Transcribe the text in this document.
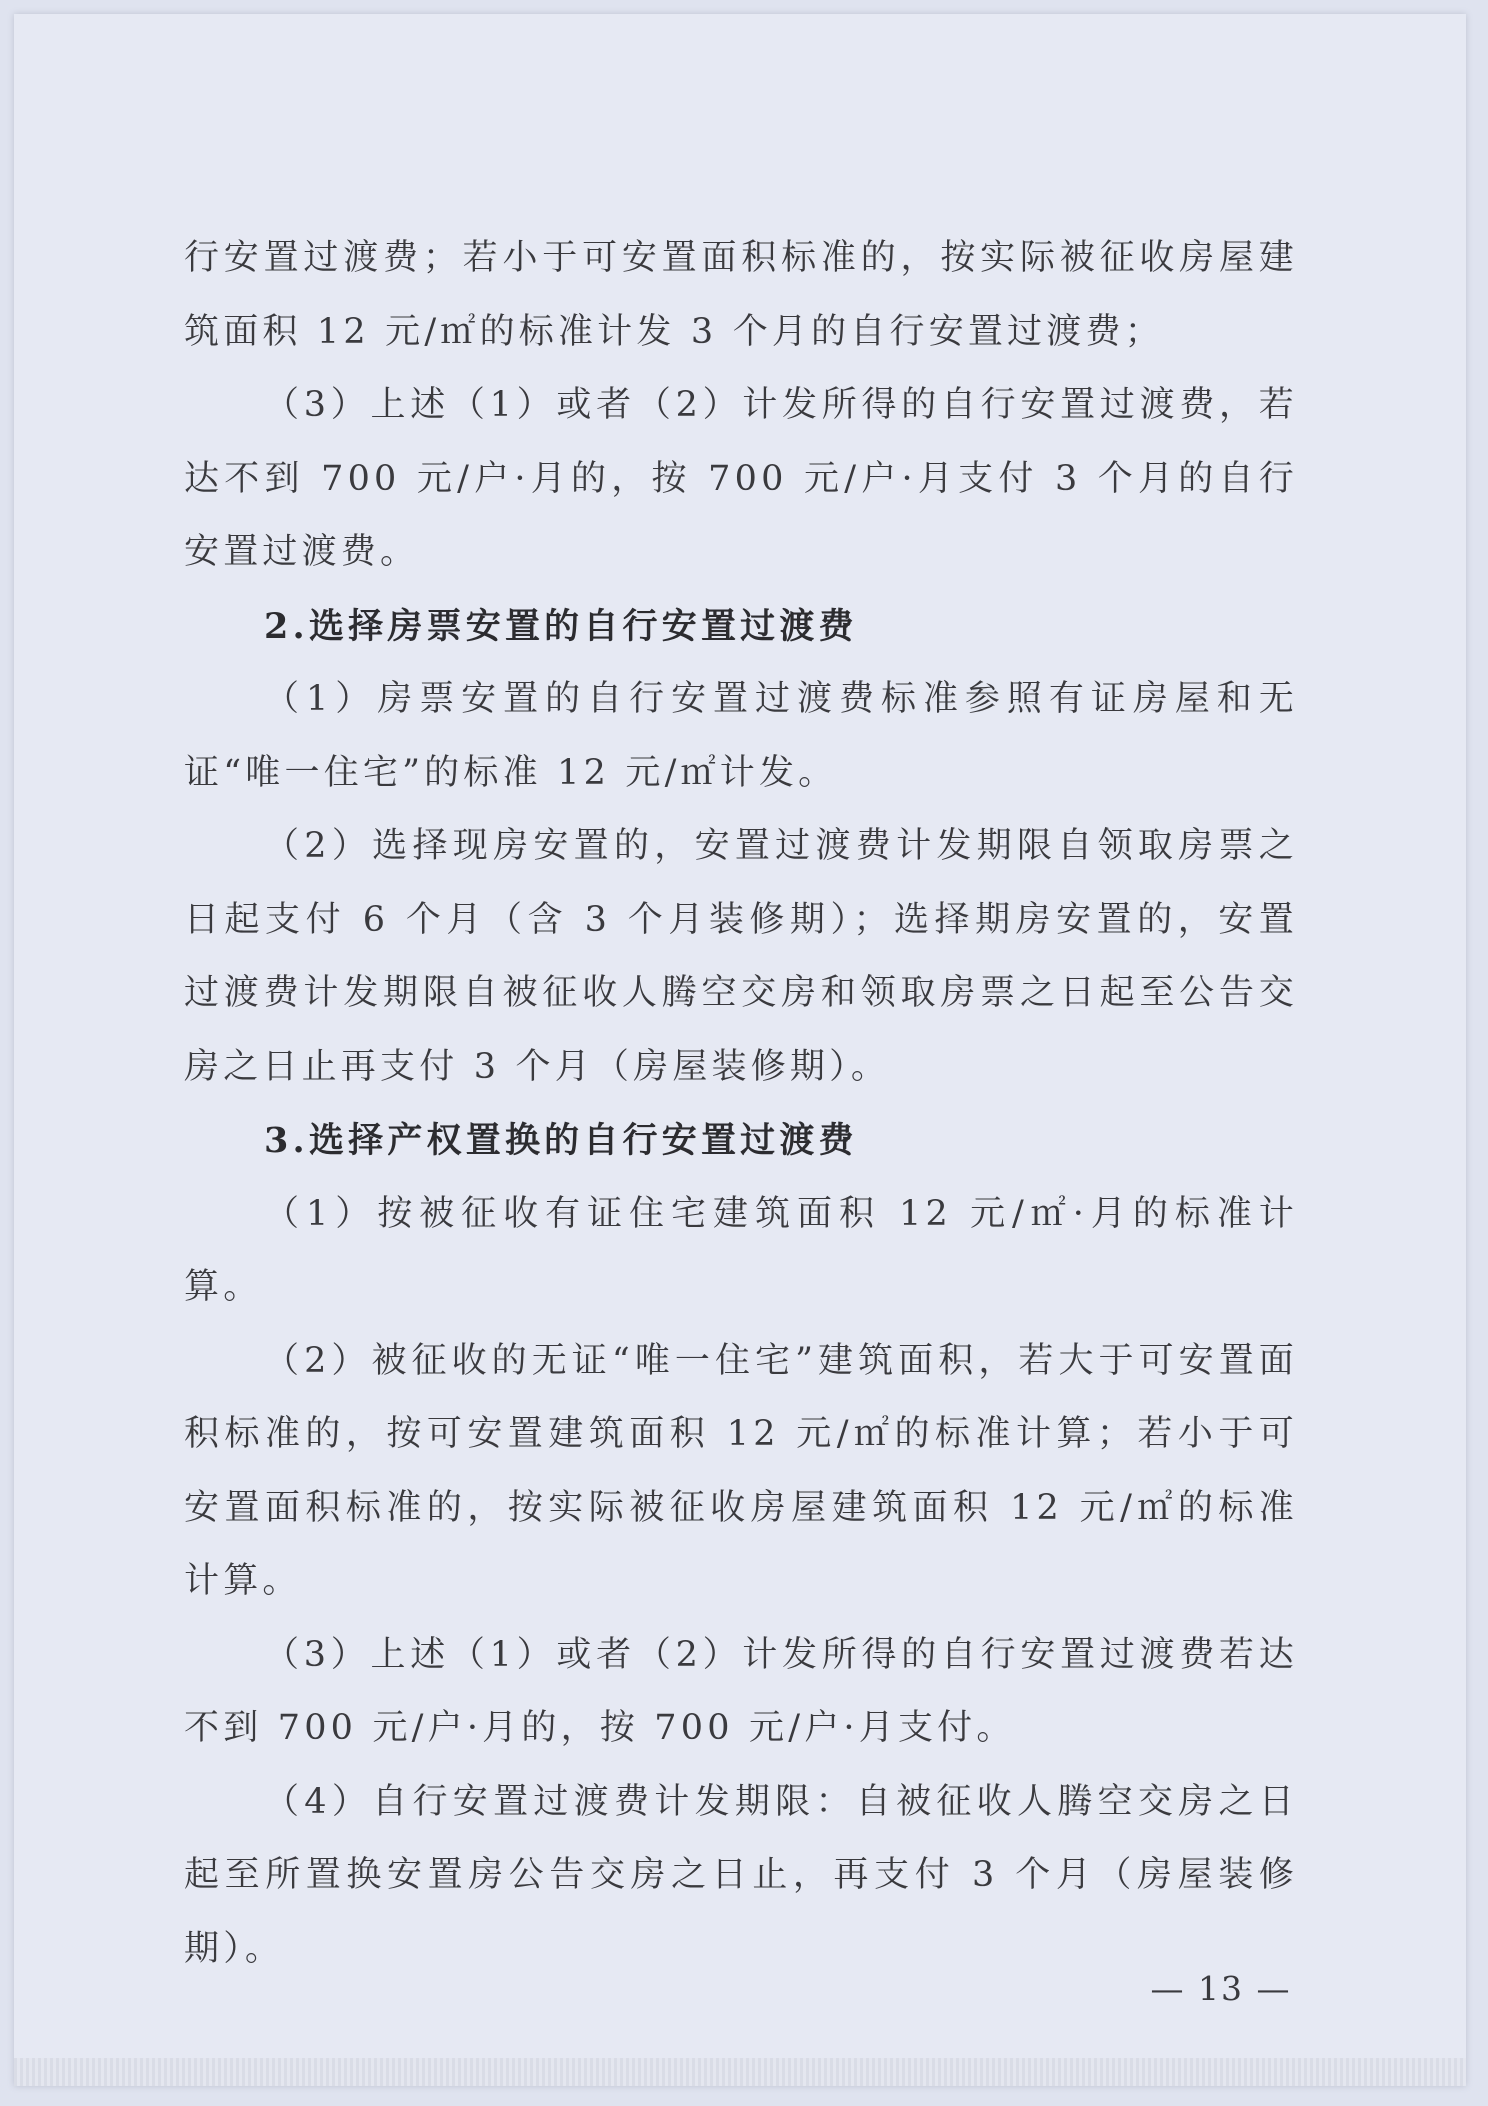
行安置过渡费；若小于可安置面积标准的，按实际被征收房屋建筑面积 12 元/㎡的标准计发 3 个月的自行安置过渡费；

（3）上述（1）或者（2）计发所得的自行安置过渡费，若达不到 700 元/户·月的，按 700 元/户·月支付 3 个月的自行安置过渡费。

2.选择房票安置的自行安置过渡费

（1）房票安置的自行安置过渡费标准参照有证房屋和无证“唯一住宅”的标准 12 元/㎡计发。

（2）选择现房安置的，安置过渡费计发期限自领取房票之日起支付 6 个月（含 3 个月装修期）；选择期房安置的，安置过渡费计发期限自被征收人腾空交房和领取房票之日起至公告交房之日止再支付 3 个月（房屋装修期）。

3.选择产权置换的自行安置过渡费

（1）按被征收有证住宅建筑面积 12 元/㎡·月的标准计算。

（2）被征收的无证“唯一住宅”建筑面积，若大于可安置面积标准的，按可安置建筑面积 12 元/㎡的标准计算；若小于可安置面积标准的，按实际被征收房屋建筑面积 12 元/㎡的标准计算。

（3）上述（1）或者（2）计发所得的自行安置过渡费若达不到 700 元/户·月的，按 700 元/户·月支付。

（4）自行安置过渡费计发期限：自被征收人腾空交房之日起至所置换安置房公告交房之日止，再支付 3 个月（房屋装修期）。

— 13 —
